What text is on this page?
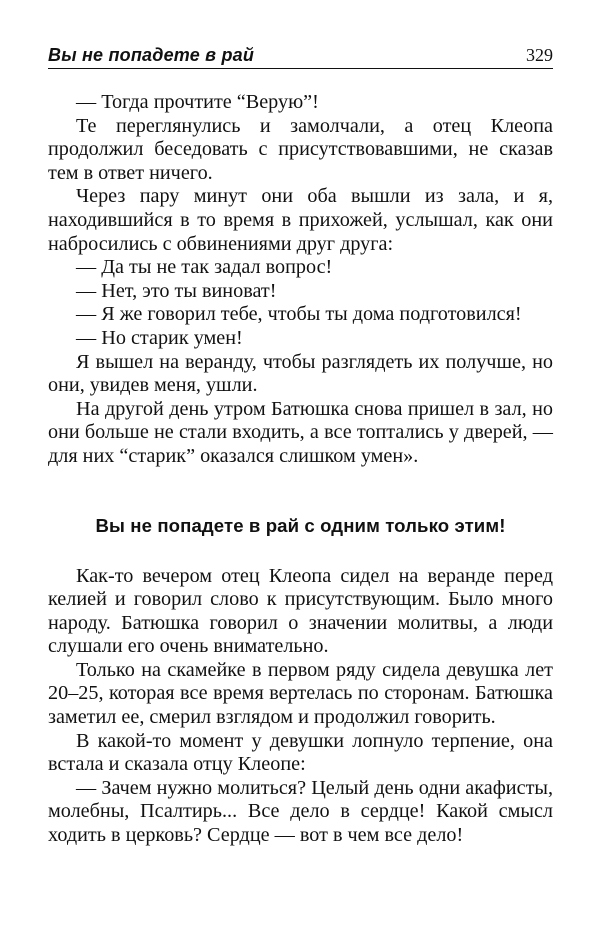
Вы не попадете в рай	329

— Тогда прочтите “Верую”!

Те переглянулись и замолчали, а отец Клеопа продолжил беседовать с присутствовавшими, не сказав тем в ответ ничего.

Через пару минут они оба вышли из зала, и я, находившийся в то время в прихожей, услышал, как они набросились с обвинениями друг друга:

— Да ты не так задал вопрос!

— Нет, это ты виноват!

— Я же говорил тебе, чтобы ты дома подготовился!

— Но старик умен!

Я вышел на веранду, чтобы разглядеть их получше, но они, увидев меня, ушли.

На другой день утром Батюшка снова пришел в зал, но они больше не стали входить, а все топтались у дверей, — для них “старик” оказался слишком умен».

Вы не попадете в рай с одним только этим!

Как-то вечером отец Клеопа сидел на веранде перед келией и говорил слово к присутствующим. Было много народу. Батюшка говорил о значении молитвы, а люди слушали его очень внимательно.

Только на скамейке в первом ряду сидела девушка лет 20–25, которая все время вертелась по сторонам. Батюшка заметил ее, смерил взглядом и продолжил говорить.

В какой-то момент у девушки лопнуло терпение, она встала и сказала отцу Клеопе:

— Зачем нужно молиться? Целый день одни акафисты, молебны, Псалтирь... Все дело в сердце! Какой смысл ходить в церковь? Сердце — вот в чем все дело!
